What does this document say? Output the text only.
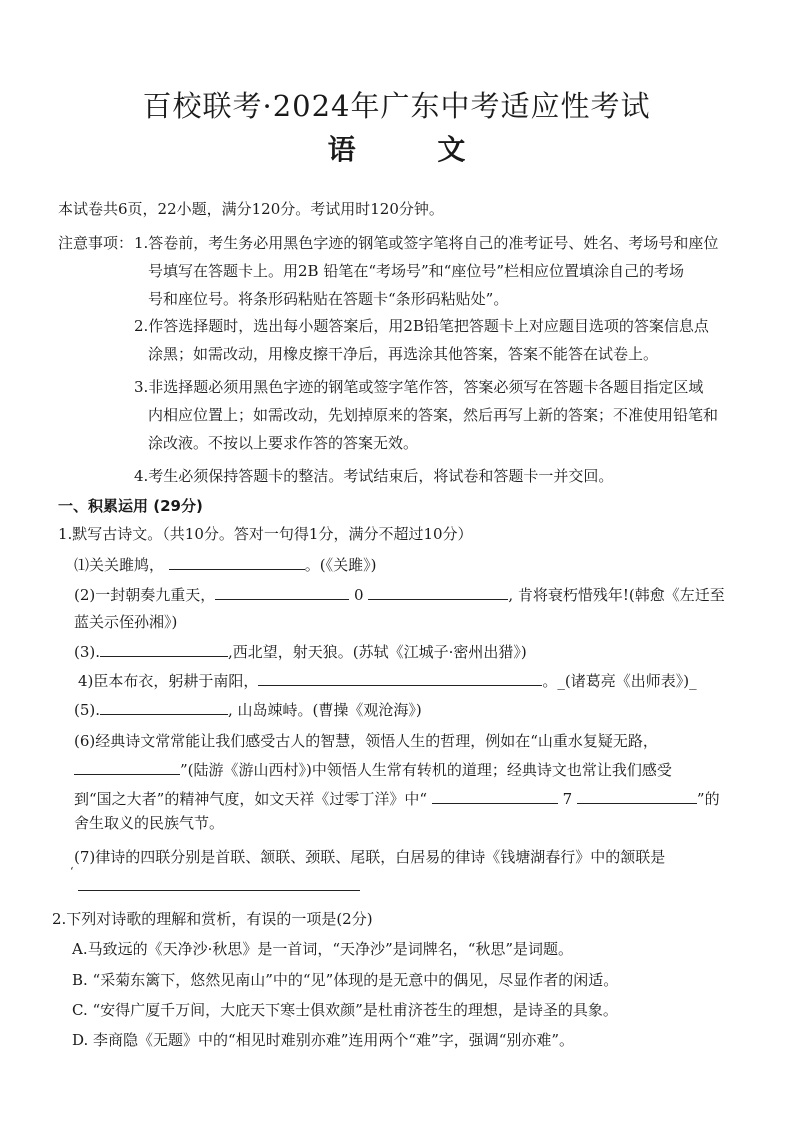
百校联考·2024年广东中考适应性考试
语 文
本试卷共6页，22小题，满分120分。考试用时120分钟。
注意事项： 1.答卷前，考生务必用黑色字迹的钢笔或签字笔将自己的准考证号、姓名、考场号和座位
号填写在答题卡上。用2B 铅笔在“考场号”和“座位号”栏相应位置填涂自己的考场
号和座位号。将条形码粘贴在答题卡“条形码粘贴处”。
2.作答选择题时，选出每小题答案后，用2B铅笔把答题卡上对应题目选项的答案信息点
涂黑；如需改动，用橡皮擦干净后，再选涂其他答案，答案不能答在试卷上。
3.非选择题必须用黑色字迹的钢笔或签字笔作答，答案必须写在答题卡各题目指定区域
内相应位置上；如需改动，先划掉原来的答案，然后再写上新的答案；不准使用铅笔和
涂改液。不按以上要求作答的答案无效。
4.考生必须保持答题卡的整洁。考试结束后，将试卷和答题卡一并交回。
一、积累运用 (29分)
1.默写古诗文。（共10分。答对一句得1分，满分不超过10分）
⑴关关雎鸠，	。(《关雎》)
(2)一封朝奏九重天，	0	, 肯将衰朽惜残年!(韩愈《左迁至
蓝关示侄孙湘》)
(3).	,西北望，射天狼。(苏轼《江城子·密州出猎》)
4)臣本布衣，躬耕于南阳，	。_(诸葛亮《出师表》)_
(5).	, 山岛竦峙。(曹操《观沧海》)
(6)经典诗文常常能让我们感受古人的智慧，领悟人生的哲理，例如在“山重水复疑无路，
”(陆游《游山西村》)中领悟人生常有转机的道理；经典诗文也常让我们感受
到“国之大者”的精神气度，如文天祥《过零丁洋》中“	7	”的
舍生取义的民族气节。
(7)律诗的四联分别是首联、颔联、颈联、尾联，白居易的律诗《钱塘湖春行》中的颔联是
‘
2.下列对诗歌的理解和赏析，有误的一项是(2分)
A.马致远的《天净沙·秋思》是一首词，“天净沙”是词牌名，“秋思”是词题。
B. “采菊东篱下，悠然见南山”中的“见”体现的是无意中的偶见，尽显作者的闲适。
C. “安得广厦千万间，大庇天下寒士俱欢颜”是杜甫济苍生的理想，是诗圣的具象。
D. 李商隐《无题》中的“相见时难别亦难”连用两个“难”字，强调“别亦难”。
